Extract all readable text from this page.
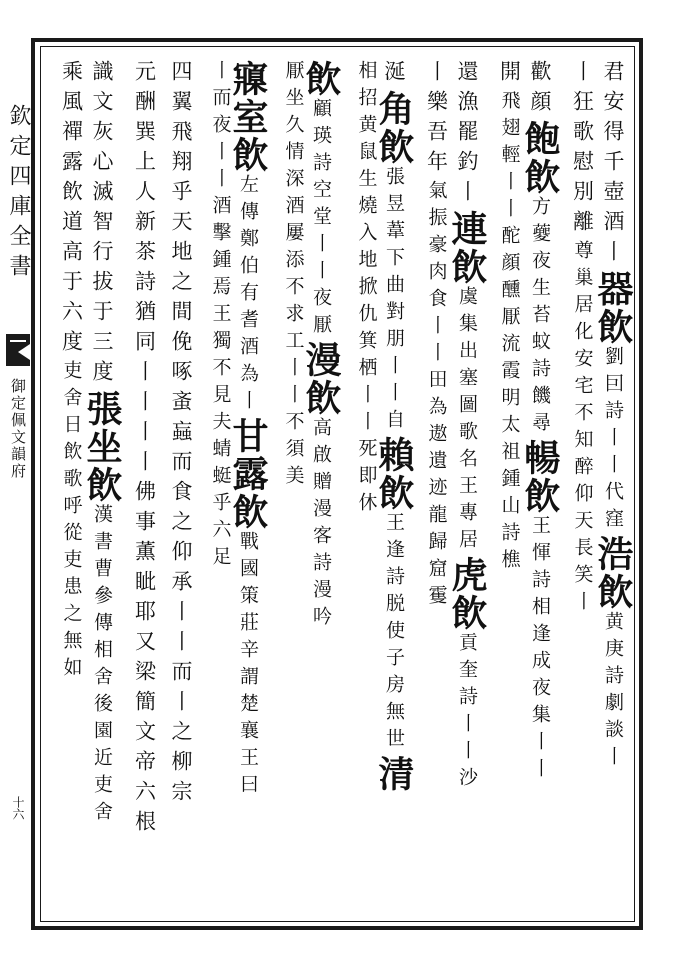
欽定四庫全書
御定佩文韻府
十六
君安得千壺酒丨器飲劉囙詩丨丨代窪浩飲黄庚詩劇談丨
丨狂歌慰別離尊巢居化安宅不知醉仰天長笑丨
歡顔飽飲方䕫夜生苔蚊詩饑尋暢飲王惲詩相逢成夜集丨丨
開飛翅輕丨丨酡顔醺厭流霞明太祖鍾山詩樵
還漁罷釣丨連飲虞集出塞圖歌名王專居虎飲貢奎詩丨丨沙
丨樂吾年氣振豪肉食丨丨田為遨遺迹龍歸窟䨥
涎角飲張昱葦下曲對朋丨丨自賴飲王逢詩脱使子房無世清
相招黄鼠生燒入地掀仇箕栖丨丨死即休
飲顧瑛詩空堂丨丨夜厭漫飲高啟贈漫客詩漫吟
厭坐久情深酒屢添不求工丨丨不須美
寱室飲左傳鄭伯有耆酒為丨甘露飲戰國策莊辛謂楚襄王曰
丨而夜丨丨酒擊鍾焉王獨不見夫蜻蜓乎六足
四翼飛翔乎天地之間俛啄蚉蝱而食之仰承丨丨而丨之柳宗
元酬巽上人新茶詩猶同丨丨丨丨佛事薫眦耶又梁簡文帝六根
識文灰心滅智行拔于三度張坐飲漢書曹參傳相舍後園近吏舍
乘風禪露飲道高于六度吏舍日飲歌呼從吏患之無如
